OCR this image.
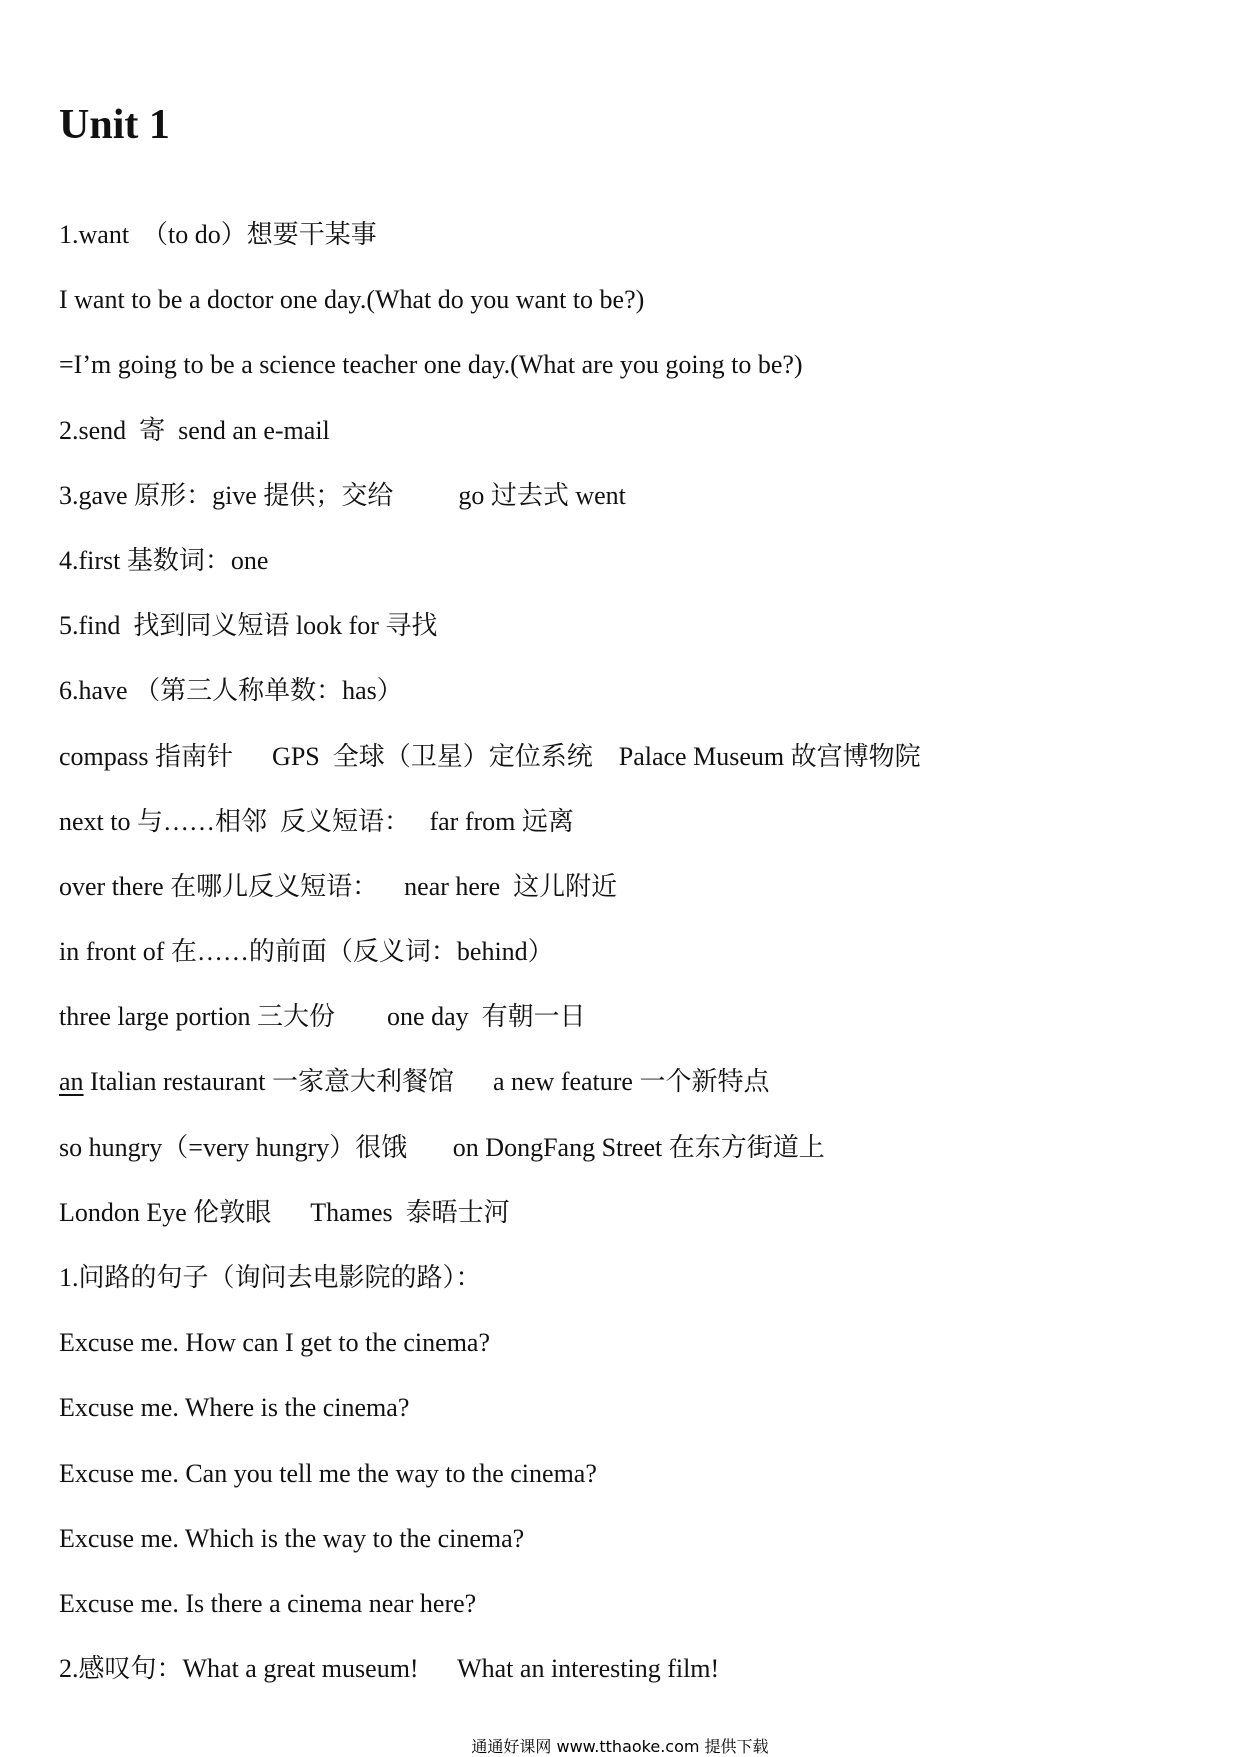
Unit 1
1.want　（to do）想要干某事
I want to be a doctor one day.(What do you want to be?)
=I’m going to be a science teacher one day.(What are you going to be?)
2.send  寄  send an e-mail
3.gave 原形：give 提供；交给          go 过去式 went
4.first 基数词：one
5.find  找到同义短语 look for 寻找
6.have （第三人称单数：has）
compass 指南针      GPS  全球（卫星）定位系统    Palace Museum 故宫博物院
next to 与……相邻  反义短语：   far from 远离
over there 在哪儿反义短语：    near here  这儿附近
in front of 在……的前面（反义词：behind）
three large portion 三大份        one day  有朝一日
an Italian restaurant 一家意大利餐馆      a new feature 一个新特点
so hungry（=very hungry）很饿       on DongFang Street 在东方街道上
London Eye 伦敦眼      Thames  泰晤士河
1.问路的句子（询问去电影院的路）：
Excuse me. How can I get to the cinema?
Excuse me. Where is the cinema?
Excuse me. Can you tell me the way to the cinema?
Excuse me. Which is the way to the cinema?
Excuse me. Is there a cinema near here?
2.感叹句：What a great museum!      What an interesting film!
通通好课网 www.tthaoke.com 提供下载
